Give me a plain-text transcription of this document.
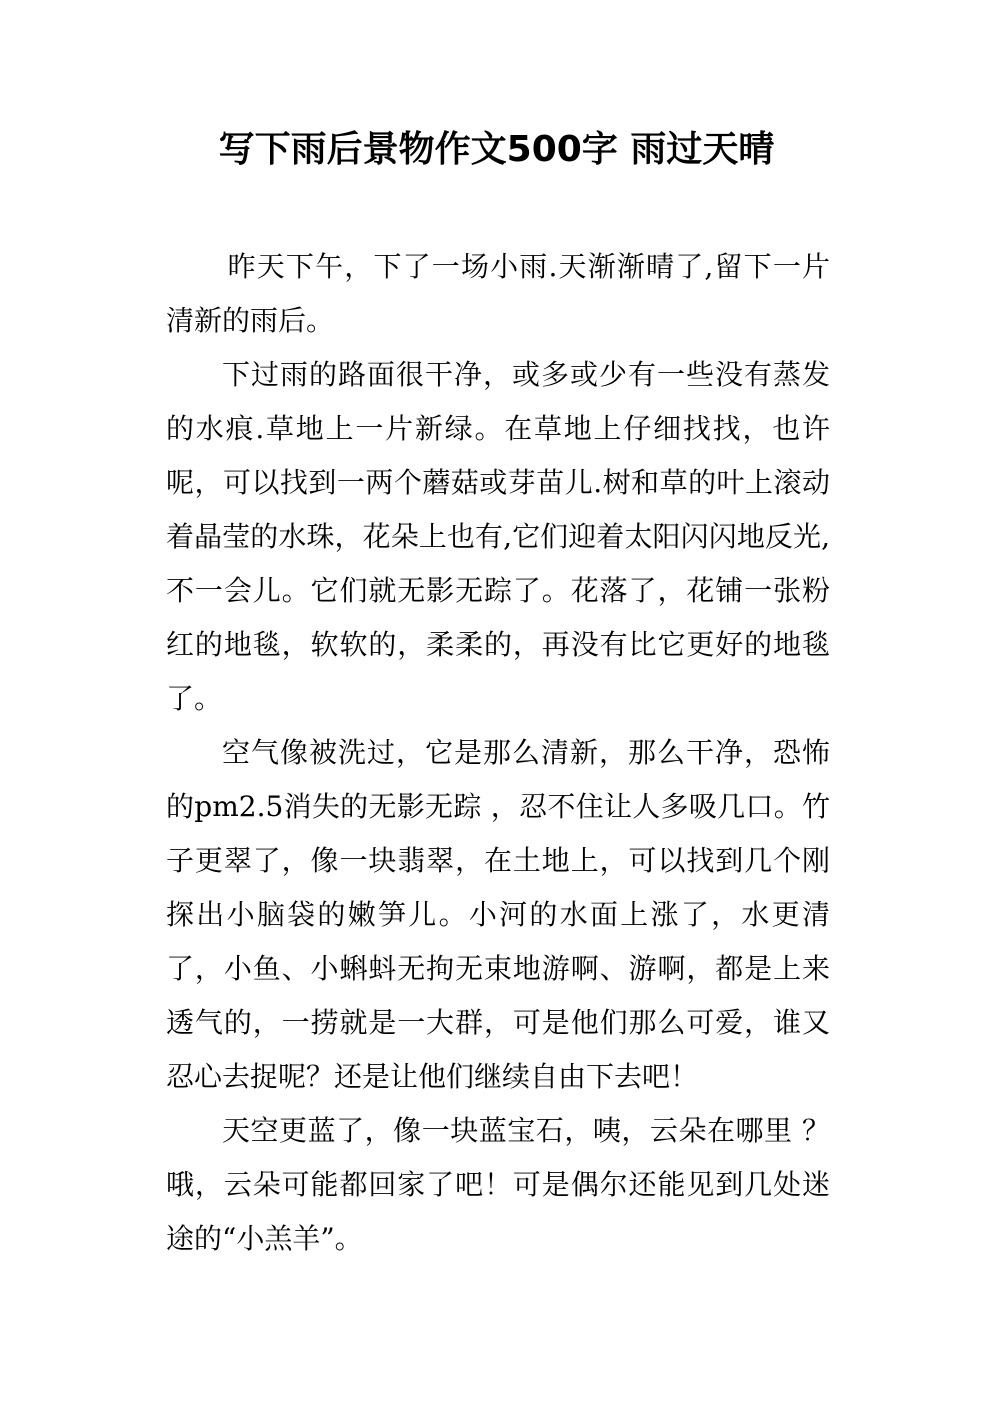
写下雨后景物作文500字 雨过天晴

昨天下午，下了一场小雨.天渐渐晴了,留下一片清新的雨后。

下过雨的路面很干净，或多或少有一些没有蒸发的水痕.草地上一片新绿。在草地上仔细找找，也许呢，可以找到一两个蘑菇或芽苗儿.树和草的叶上滚动着晶莹的水珠，花朵上也有,它们迎着太阳闪闪地反光,不一会儿。它们就无影无踪了。花落了，花铺一张粉红的地毯，软软的，柔柔的，再没有比它更好的地毯了。

空气像被洗过，它是那么清新，那么干净，恐怖的pm2.5消失的无影无踪 ，忍不住让人多吸几口。竹子更翠了，像一块翡翠，在土地上，可以找到几个刚探出小脑袋的嫩笋儿。小河的水面上涨了，水更清了，小鱼、小蝌蚪无拘无束地游啊、游啊，都是上来透气的，一捞就是一大群，可是他们那么可爱，谁又忍心去捉呢？还是让他们继续自由下去吧！

天空更蓝了，像一块蓝宝石，咦，云朵在哪里 ？哦，云朵可能都回家了吧！可是偶尔还能见到几处迷途的“小羔羊”。
